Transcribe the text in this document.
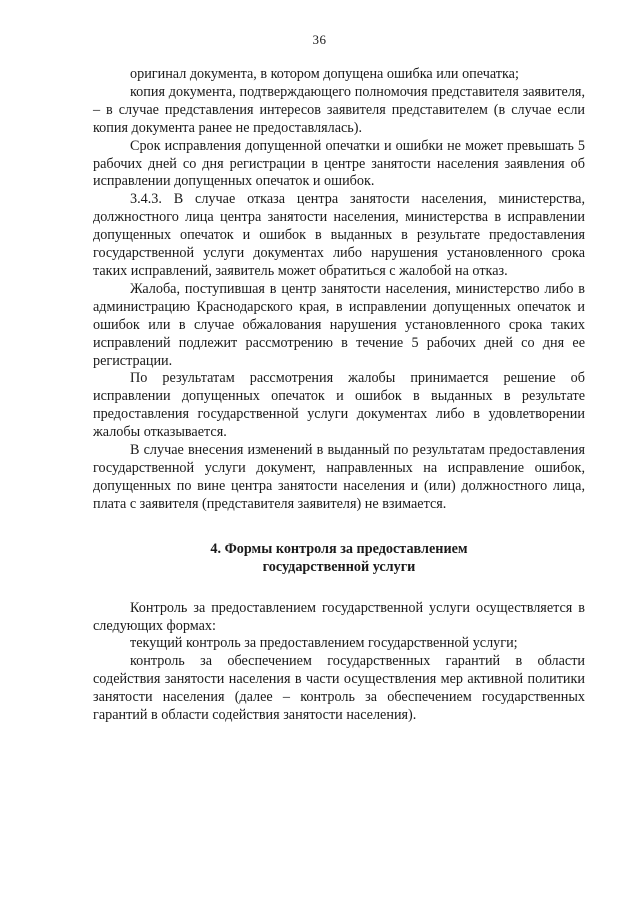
36

оригинал документа, в котором допущена ошибка или опечатка;

копия документа, подтверждающего полномочия представителя заявителя, – в случае представления интересов заявителя представителем (в случае если копия документа ранее не предоставлялась).

Срок исправления допущенной опечатки и ошибки не может превышать 5 рабочих дней со дня регистрации в центре занятости населения заявления об исправлении допущенных опечаток и ошибок.

3.4.3. В случае отказа центра занятости населения, министерства, должностного лица центра занятости населения, министерства в исправлении допущенных опечаток и ошибок в выданных в результате предоставления государственной услуги документах либо нарушения установленного срока таких исправлений, заявитель может обратиться с жалобой на отказ.

Жалоба, поступившая в центр занятости населения, министерство либо в администрацию Краснодарского края, в исправлении допущенных опечаток и ошибок или в случае обжалования нарушения установленного срока таких исправлений подлежит рассмотрению в течение 5 рабочих дней со дня ее регистрации.

По результатам рассмотрения жалобы принимается решение об исправлении допущенных опечаток и ошибок в выданных в результате предоставления государственной услуги документах либо в удовлетворении жалобы отказывается.

В случае внесения изменений в выданный по результатам предоставления государственной услуги документ, направленных на исправление ошибок, допущенных по вине центра занятости населения и (или) должностного лица, плата с заявителя (представителя заявителя) не взимается.

4. Формы контроля за предоставлением
государственной услуги

Контроль за предоставлением государственной услуги осуществляется в следующих формах:

текущий контроль за предоставлением государственной услуги;

контроль за обеспечением государственных гарантий в области содействия занятости населения в части осуществления мер активной политики занятости населения (далее – контроль за обеспечением государственных гарантий в области содействия занятости населения).
